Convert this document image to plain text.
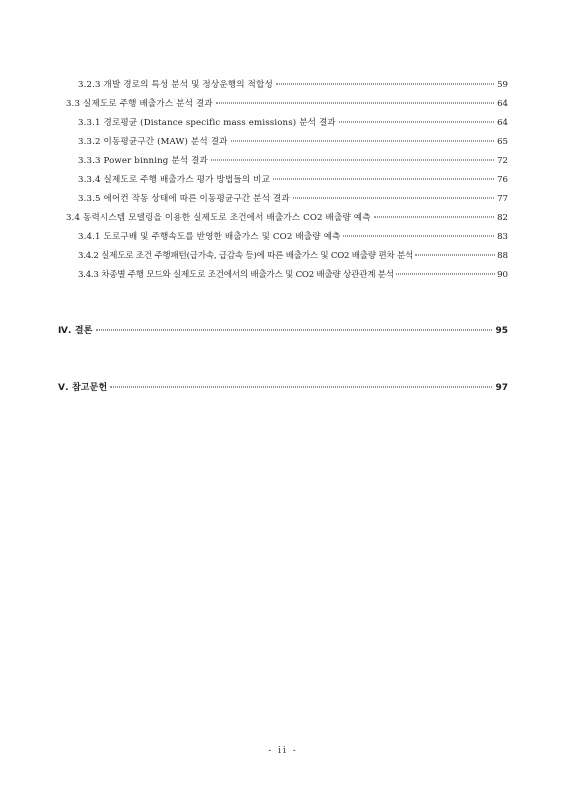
3.2.3 개발 경로의 특성 분석 및 정상운행의 적합성	59
3.3 실제도로 주행 배출가스 분석 결과	64
3.3.1 경로평균 (Distance specific mass emissions) 분석 결과	64
3.3.2 이동평균구간 (MAW) 분석 결과	65
3.3.3 Power binning 분석 결과	72
3.3.4 실제도로 주행 배출가스 평가 방법들의 비교	76
3.3.5 에어컨 작동 상태에 따른 이동평균구간 분석 결과	77
3.4 동력시스템 모델링을 이용한 실제도로 조건에서 배출가스 CO2 배출량 예측	82
3.4.1 도로구배 및 주행속도를 반영한 배출가스 및 CO2 배출량 예측	83
3.4.2 실제도로 조건 주행패턴(급가속, 급감속 등)에 따른 배출가스 및 CO2 배출량 편차 분석	88
3.4.3 차종별 주행 모드와 실제도로 조건에서의 배출가스 및 CO2 배출량 상관관계 분석	90
Ⅳ. 결론	95
Ⅴ. 참고문헌	97
- ii -
